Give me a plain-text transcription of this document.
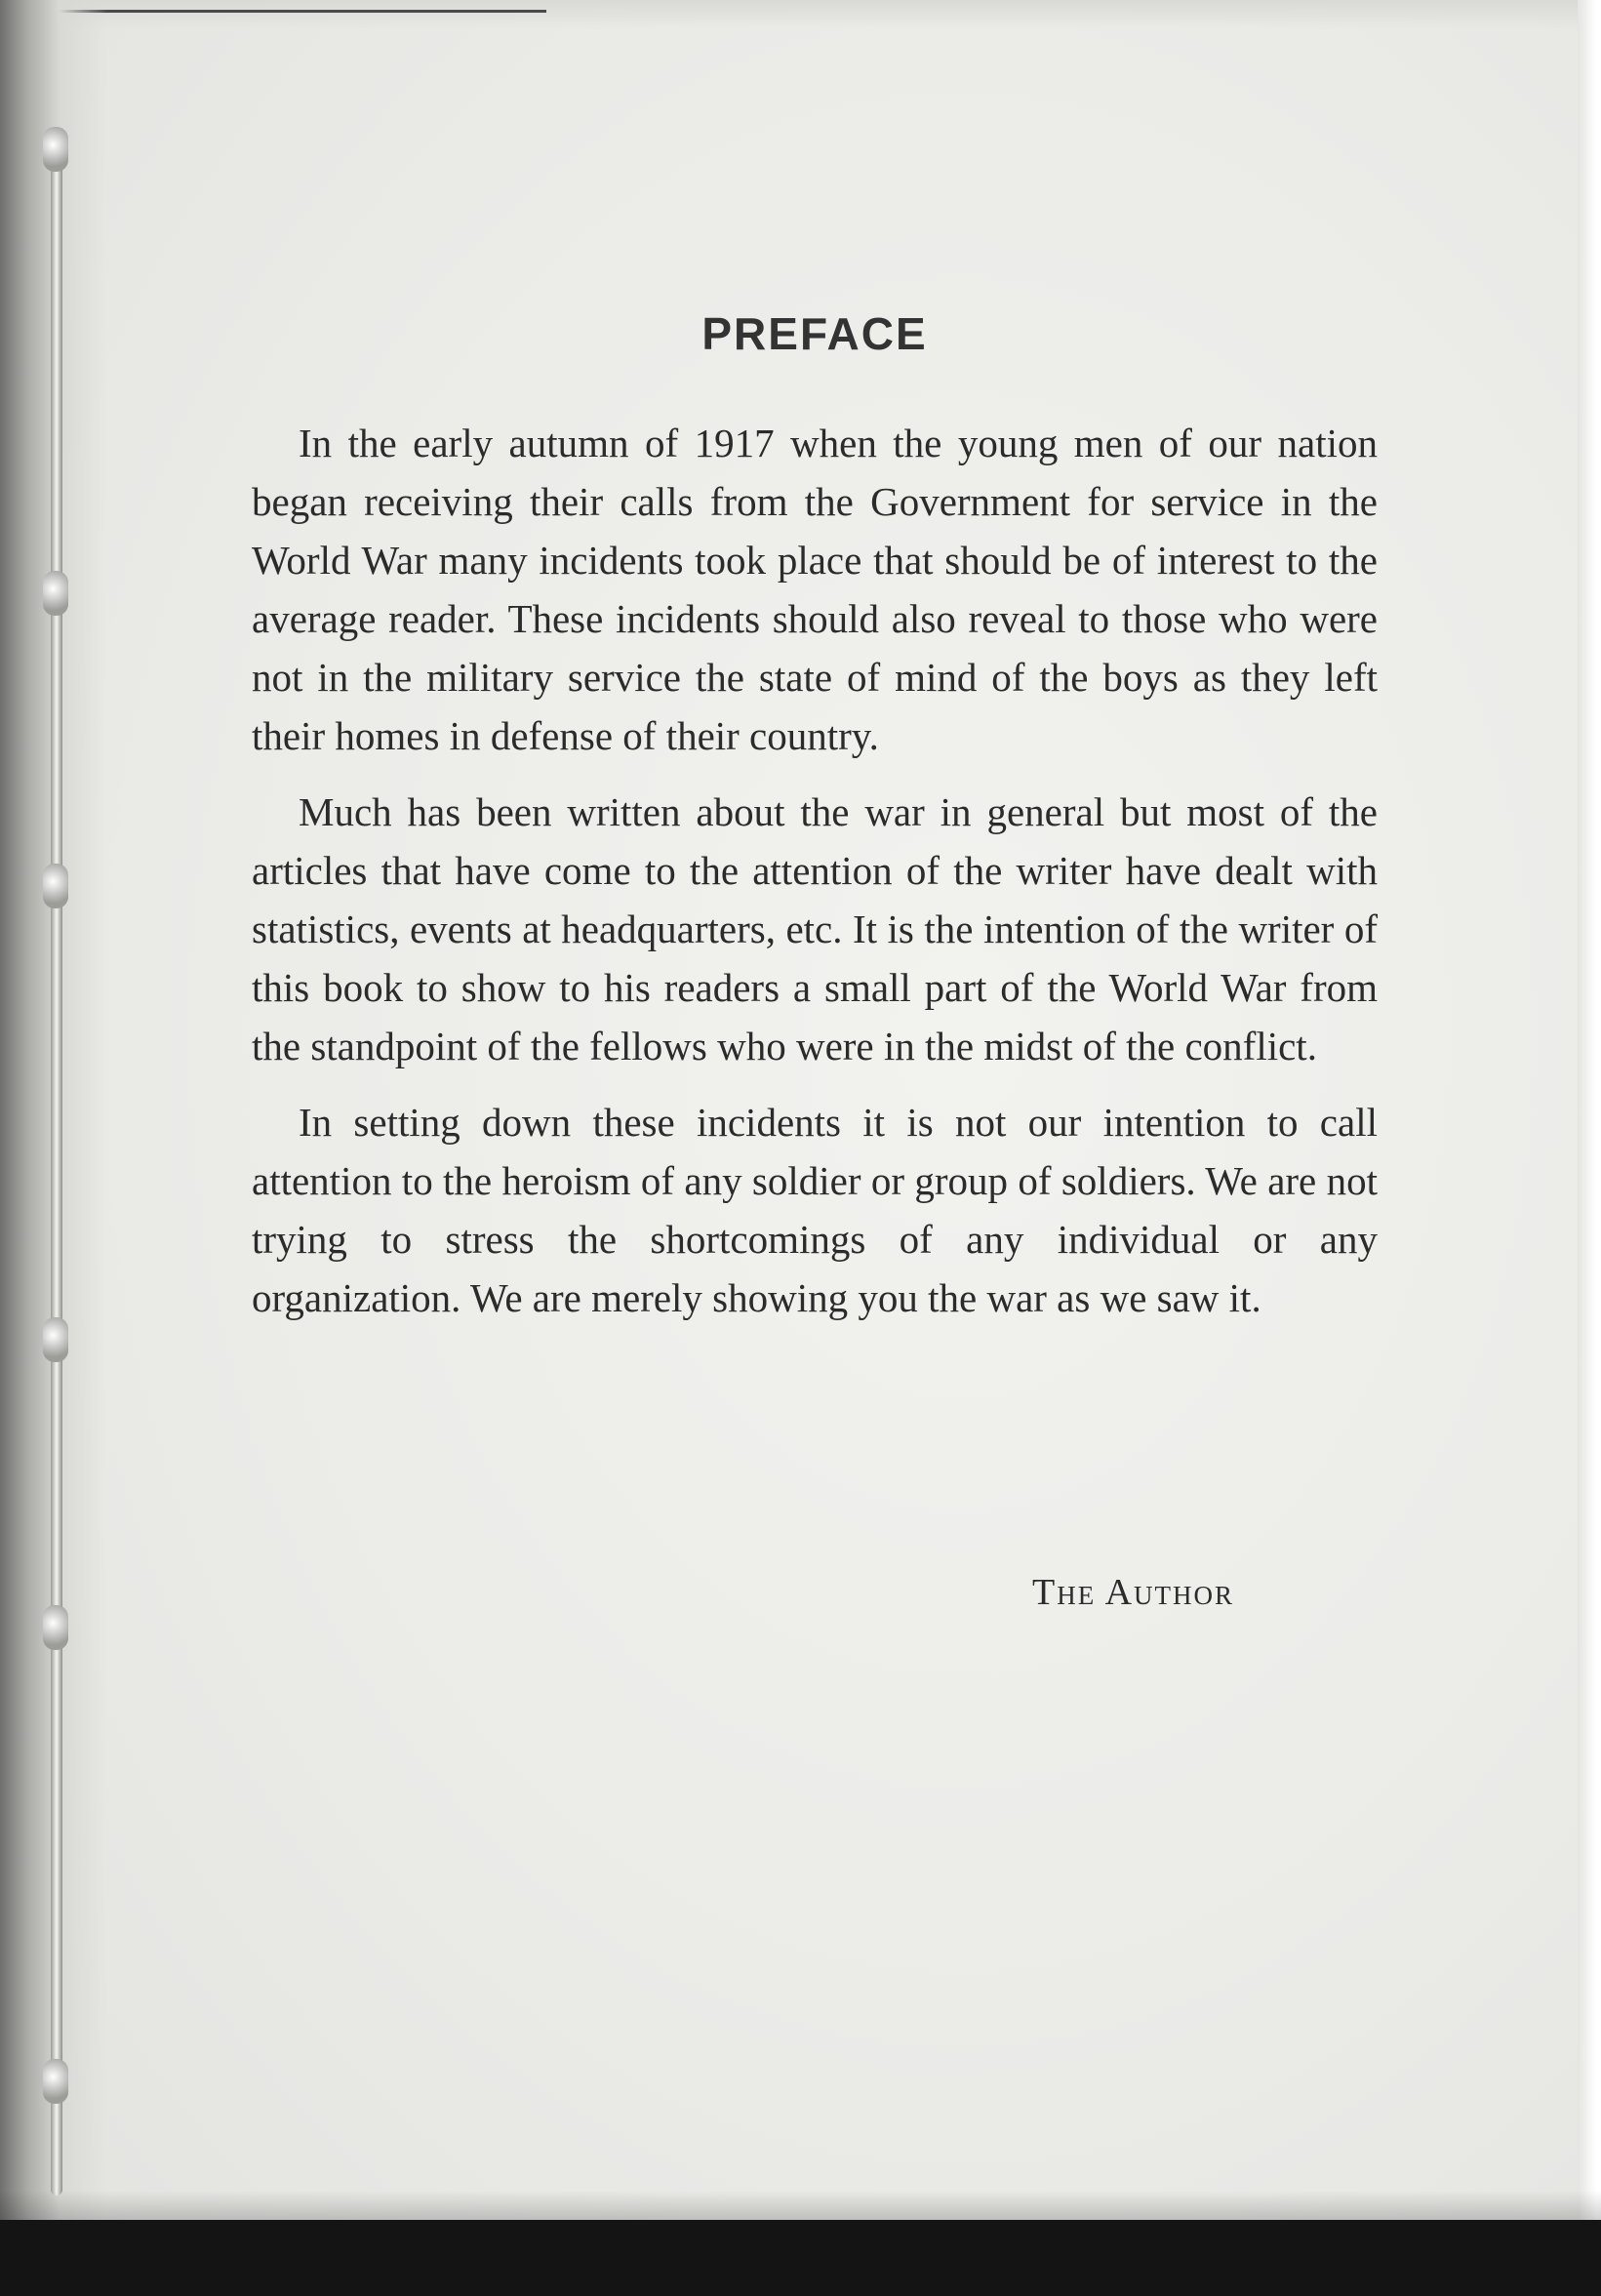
PREFACE

In the early autumn of 1917 when the young men of our nation began receiving their calls from the Government for service in the World War many incidents took place that should be of interest to the average reader. These incidents should also reveal to those who were not in the military service the state of mind of the boys as they left their homes in defense of their country.

Much has been written about the war in general but most of the articles that have come to the attention of the writer have dealt with statistics, events at headquarters, etc. It is the intention of the writer of this book to show to his readers a small part of the World War from the standpoint of the fellows who were in the midst of the conflict.

In setting down these incidents it is not our intention to call attention to the heroism of any soldier or group of soldiers. We are not trying to stress the shortcomings of any individual or any organization. We are merely showing you the war as we saw it.

The Author
